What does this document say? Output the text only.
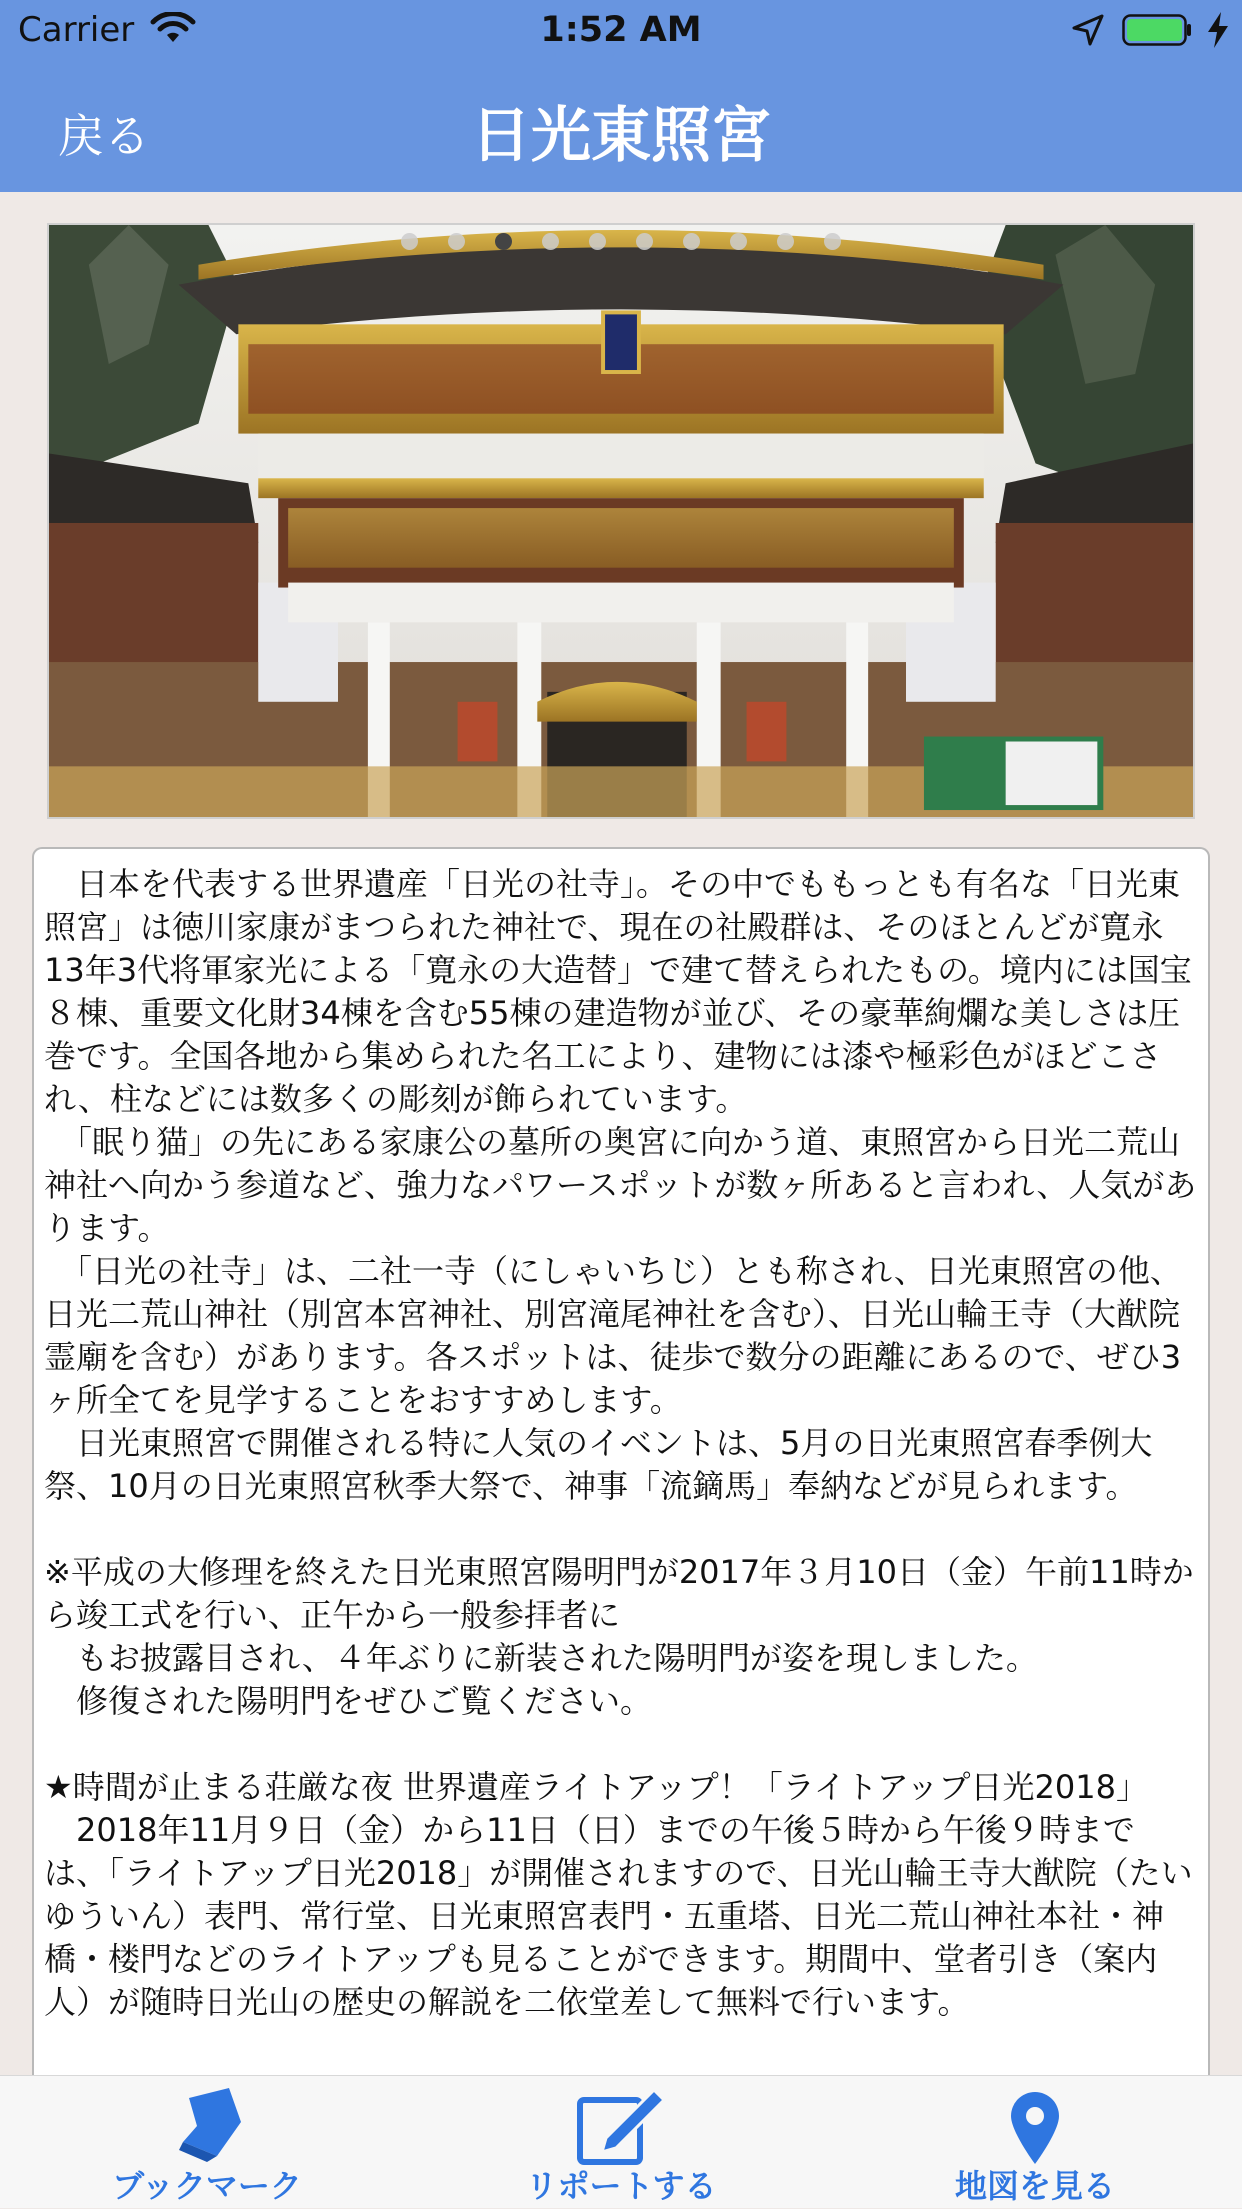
Carrier	1:52 AM
戻る	日光東照宮

　日本を代表する世界遺産「日光の社寺」。その中でももっとも有名な「日光東照宮」は徳川家康がまつられた神社で、現在の社殿群は、そのほとんどが寛永13年3代将軍家光による「寛永の大造替」で建て替えられたもの。境内には国宝８棟、重要文化財34棟を含む55棟の建造物が並び、その豪華絢爛な美しさは圧巻です。全国各地から集められた名工により、建物には漆や極彩色がほどこされ、柱などには数多くの彫刻が飾られています。

　「眠り猫」の先にある家康公の墓所の奥宮に向かう道、東照宮から日光二荒山神社へ向かう参道など、強力なパワースポットが数ヶ所あると言われ、人気があります。

　「日光の社寺」は、二社一寺（にしゃいちじ）とも称され、日光東照宮の他、日光二荒山神社（別宮本宮神社、別宮滝尾神社を含む）、日光山輪王寺（大猷院霊廟を含む）があります。各スポットは、徒歩で数分の距離にあるので、ぜひ3ヶ所全てを見学することをおすすめします。

　日光東照宮で開催される特に人気のイベントは、5月の日光東照宮春季例大祭、10月の日光東照宮秋季大祭で、神事「流鏑馬」奉納などが見られます。

※平成の大修理を終えた日光東照宮陽明門が2017年３月10日（金）午前11時から竣工式を行い、正午から一般参拝者に

　もお披露目され、４年ぶりに新装された陽明門が姿を現しました。

　修復された陽明門をぜひご覧ください。

★時間が止まる荘厳な夜 世界遺産ライトアップ！「ライトアップ日光2018」

　2018年11月９日（金）から11日（日）までの午後５時から午後９時までは、「ライトアップ日光2018」が開催されますので、日光山輪王寺大猷院（たいゆういん）表門、常行堂、日光東照宮表門・五重塔、日光二荒山神社本社・神橋・楼門などのライトアップも見ることができます。期間中、堂者引き（案内人）が随時日光山の歴史の解説を二依堂差して無料で行います。

ブックマーク	リポートする	地図を見る
